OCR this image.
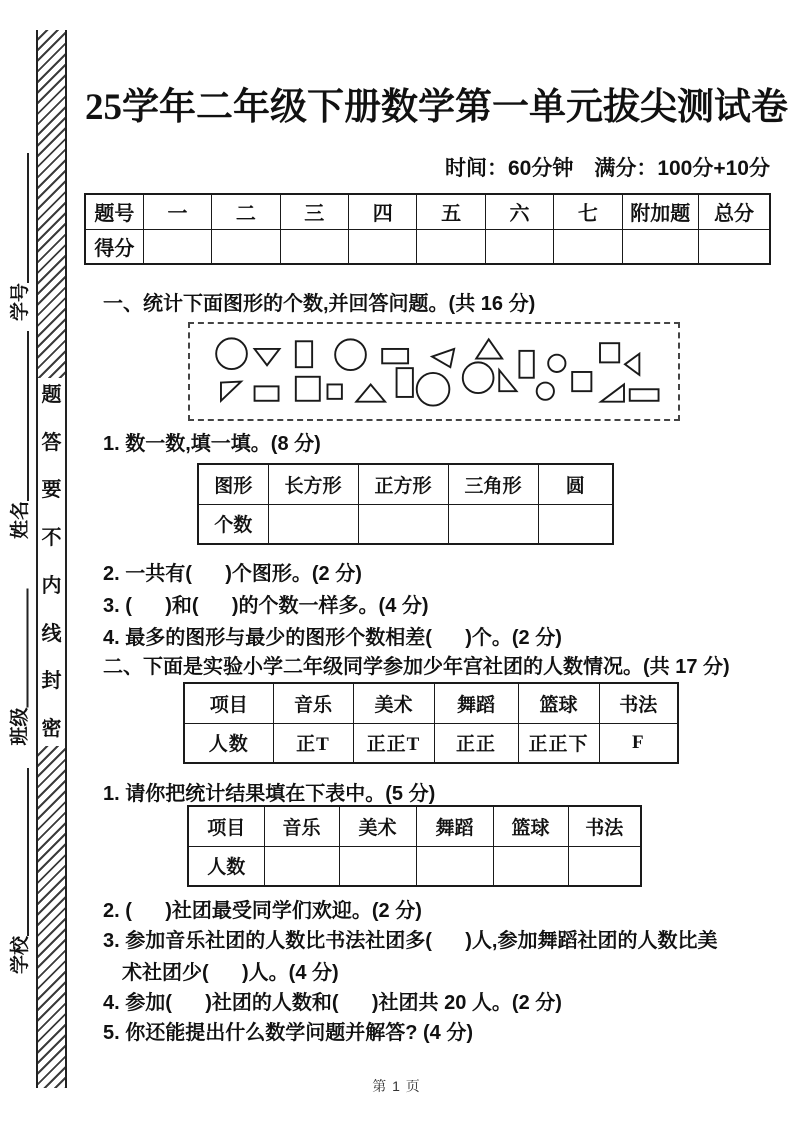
学号
姓名
班级
学校
题
答
要
不
内
线
封
密
25学年二年级下册数学第一单元拔尖测试卷
时间：60分钟　满分：100分+10分
题号	一	二	三	四	五	六	七	附加题	总分
得分									
一、统计下面图形的个数,并回答问题。(共 16 分)
1. 数一数,填一填。(8 分)
图形	长方形	正方形	三角形	圆
个数				
2. 一共有(      )个图形。(2 分)
3. (      )和(      )的个数一样多。(4 分)
4. 最多的图形与最少的图形个数相差(      )个。(2 分)
二、下面是实验小学二年级同学参加少年宫社团的人数情况。(共 17 分)
项目	音乐	美术	舞蹈	篮球	书法
人数	正T	正正T	正正	正正下	F
1. 请你把统计结果填在下表中。(5 分)
项目	音乐	美术	舞蹈	篮球	书法
人数					
2. (      )社团最受同学们欢迎。(2 分)
3. 参加音乐社团的人数比书法社团多(      )人,参加舞蹈社团的人数比美
术社团少(      )人。(4 分)
4. 参加(      )社团的人数和(      )社团共 20 人。(2 分)
5. 你还能提出什么数学问题并解答? (4 分)
第 1 页
